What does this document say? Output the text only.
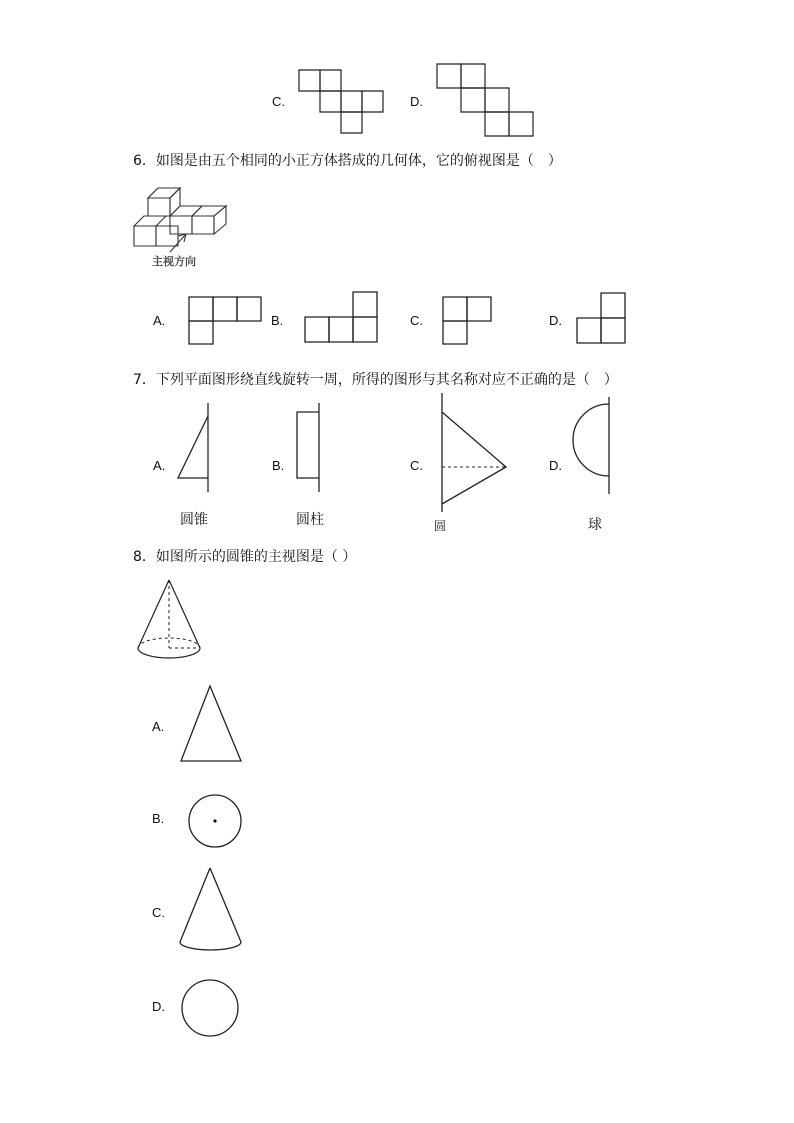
C.	D.
6．如图是由五个相同的小正方体搭成的几何体，它的俯视图是（　）
主视方向
A.	B.	C.	D.
7．下列平面图形绕直线旋转一周，所得的图形与其名称对应不正确的是（　）
A.
圆锥
B.
圆柱
C.
圆
D.
球
8．如图所示的圆锥的主视图是（ ）
A.
B.
C.
D.
